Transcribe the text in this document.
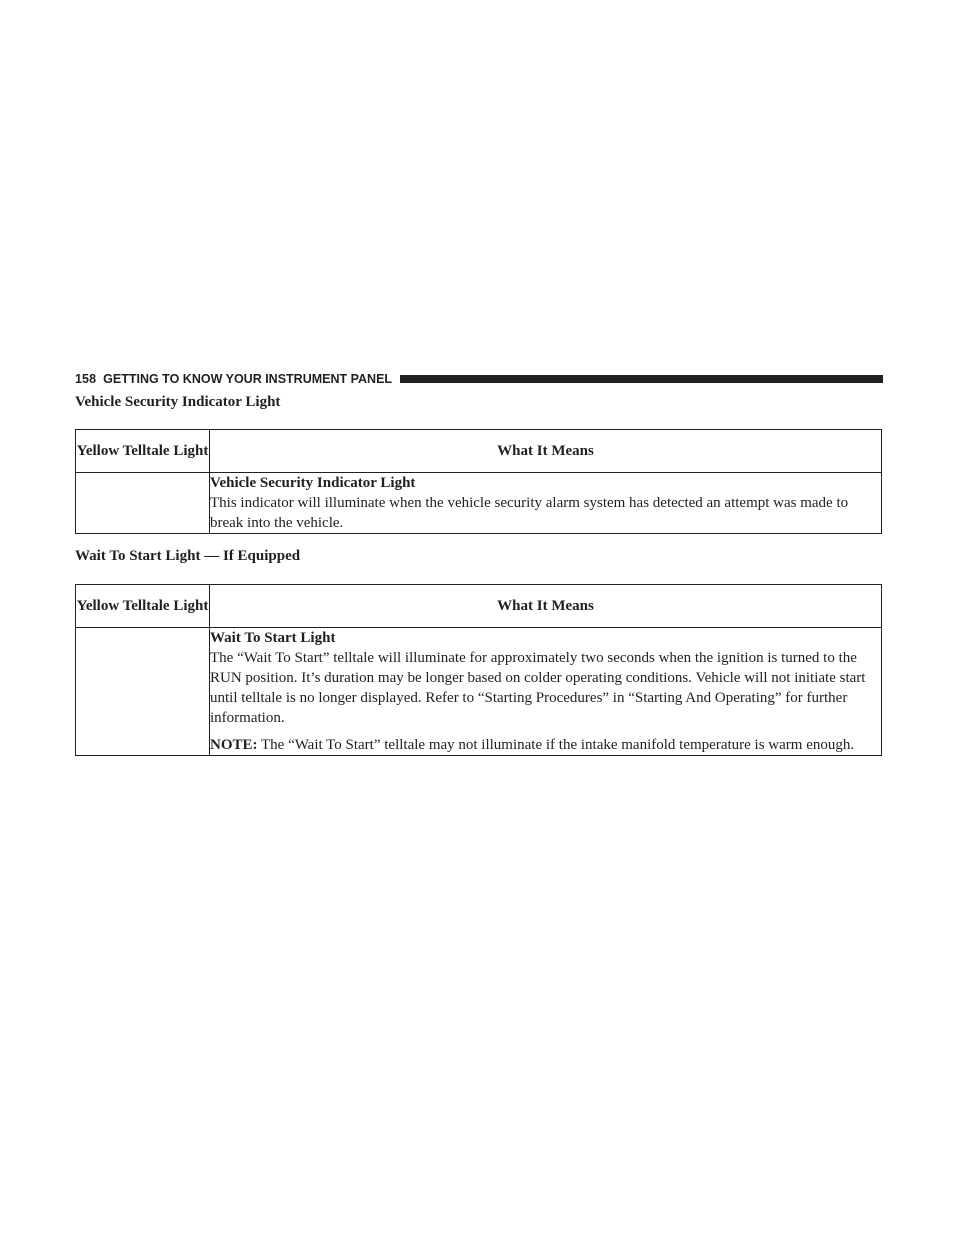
158 GETTING TO KNOW YOUR INSTRUMENT PANEL
Vehicle Security Indicator Light
Yellow Telltale Light	What It Means

	Vehicle Security Indicator Light
This indicator will illuminate when the vehicle security alarm system has detected an attempt was made to break into the vehicle.
Wait To Start Light — If Equipped
Yellow Telltale Light	What It Means

	Wait To Start Light
The “Wait To Start” telltale will illuminate for approximately two seconds when the ignition is turned to the RUN position. It’s duration may be longer based on colder operating conditions. Vehicle will not initiate start until telltale is no longer displayed. Refer to “Starting Procedures” in “Starting And Operating” for further information.
NOTE: The “Wait To Start” telltale may not illuminate if the intake manifold temperature is warm enough.
